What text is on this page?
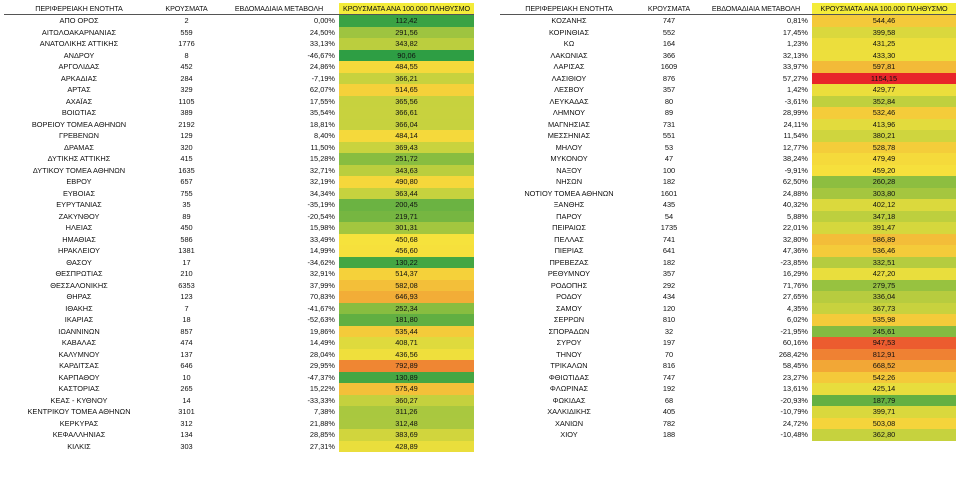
ΠΕΡΙΦΕΡΕΙΑΚΗ ΕΝΟΤΗΤΑ	ΚΡΟΥΣΜΑΤΑ	ΕΒΔΟΜΑΔΙΑΙΑ ΜΕΤΑΒΟΛΗ	ΚΡΟΥΣΜΑΤΑ ΑΝΑ 100.000 ΠΛΗΘΥΣΜΟ
ΑΠΟ ΟΡΟΣ	2	0,00%	112,42
ΑΙΤΩΛΟΑΚΑΡΝΑΝΙΑΣ	559	24,50%	291,56
ΑΝΑΤΟΛΙΚΗΣ ΑΤΤΙΚΗΣ	1776	33,13%	343,82
ΑΝΔΡΟΥ	8	-46,67%	90,06
ΑΡΓΟΛΙΔΑΣ	452	24,86%	484,55
ΑΡΚΑΔΙΑΣ	284	-7,19%	366,21
ΑΡΤΑΣ	329	62,07%	514,65
ΑΧΑΪΑΣ	1105	17,55%	365,56
ΒΟΙΩΤΙΑΣ	389	35,54%	366,61
ΒΟΡΕΙΟΥ ΤΟΜΕΑ ΑΘΗΝΩΝ	2192	18,81%	366,04
ΓΡΕΒΕΝΩΝ	129	8,40%	484,14
ΔΡΑΜΑΣ	320	11,50%	369,43
ΔΥΤΙΚΗΣ ΑΤΤΙΚΗΣ	415	15,28%	251,72
ΔΥΤΙΚΟΥ ΤΟΜΕΑ ΑΘΗΝΩΝ	1635	32,71%	343,63
ΕΒΡΟΥ	657	32,19%	490,80
ΕΥΒΟΙΑΣ	755	34,34%	363,44
ΕΥΡΥΤΑΝΙΑΣ	35	-35,19%	200,45
ΖΑΚΥΝΘΟΥ	89	-20,54%	219,71
ΗΛΕΙΑΣ	450	15,98%	301,31
ΗΜΑΘΙΑΣ	586	33,49%	450,68
ΗΡΑΚΛΕΙΟΥ	1381	14,99%	456,60
ΘΑΣΟΥ	17	-34,62%	130,22
ΘΕΣΠΡΩΤΙΑΣ	210	32,91%	514,37
ΘΕΣΣΑΛΟΝΙΚΗΣ	6353	37,99%	582,08
ΘΗΡΑΣ	123	70,83%	646,93
ΙΘΑΚΗΣ	7	-41,67%	252,34
ΙΚΑΡΙΑΣ	18	-52,63%	181,80
ΙΩΑΝΝΙΝΩΝ	857	19,86%	535,44
ΚΑΒΑΛΑΣ	474	14,49%	408,71
ΚΑΛΥΜΝΟΥ	137	28,04%	436,56
ΚΑΡΔΙΤΣΑΣ	646	29,95%	792,89
ΚΑΡΠΑΘΟΥ	10	-47,37%	130,89
ΚΑΣΤΟΡΙΑΣ	265	15,22%	575,49
ΚΕΑΣ - ΚΥΘΝΟΥ	14	-33,33%	360,27
ΚΕΝΤΡΙΚΟΥ ΤΟΜΕΑ ΑΘΗΝΩΝ	3101	7,38%	311,26
ΚΕΡΚΥΡΑΣ	312	21,88%	312,48
ΚΕΦΑΛΛΗΝΙΑΣ	134	28,85%	383,69
ΚΙΛΚΙΣ	303	27,31%	428,89
ΠΕΡΙΦΕΡΕΙΑΚΗ ΕΝΟΤΗΤΑ	ΚΡΟΥΣΜΑΤΑ	ΕΒΔΟΜΑΔΙΑΙΑ ΜΕΤΑΒΟΛΗ	ΚΡΟΥΣΜΑΤΑ ΑΝΑ 100.000 ΠΛΗΘΥΣΜΟ
ΚΟΖΑΝΗΣ	747	0,81%	544,46
ΚΟΡΙΝΘΙΑΣ	552	17,45%	399,58
ΚΩ	164	1,23%	431,25
ΛΑΚΩΝΙΑΣ	366	32,13%	433,30
ΛΑΡΙΣΑΣ	1609	33,97%	597,81
ΛΑΣΙΘΙΟΥ	876	57,27%	1154,15
ΛΕΣΒΟΥ	357	1,42%	429,77
ΛΕΥΚΑΔΑΣ	80	-3,61%	352,84
ΛΗΜΝΟΥ	89	28,99%	532,46
ΜΑΓΝΗΣΙΑΣ	731	24,11%	413,96
ΜΕΣΣΗΝΙΑΣ	551	11,54%	380,21
ΜΗΛΟΥ	53	12,77%	528,78
ΜΥΚΟΝΟΥ	47	38,24%	479,49
ΝΑΞΟΥ	100	-9,91%	459,20
ΝΗΣΩΝ	182	62,50%	260,28
ΝΟΤΙΟΥ ΤΟΜΕΑ ΑΘΗΝΩΝ	1601	24,88%	303,80
ΞΑΝΘΗΣ	435	40,32%	402,12
ΠΑΡΟΥ	54	5,88%	347,18
ΠΕΙΡΑΙΩΣ	1735	22,01%	391,47
ΠΕΛΛΑΣ	741	32,80%	586,89
ΠΙΕΡΙΑΣ	641	47,36%	536,46
ΠΡΕΒΕΖΑΣ	182	-23,85%	332,51
ΡΕΘΥΜΝΟΥ	357	16,29%	427,20
ΡΟΔΟΠΗΣ	292	71,76%	279,75
ΡΟΔΟΥ	434	27,65%	336,04
ΣΑΜΟΥ	120	4,35%	367,73
ΣΕΡΡΩΝ	810	6,02%	535,98
ΣΠΟΡΑΔΩΝ	32	-21,95%	245,61
ΣΥΡΟΥ	197	60,16%	947,53
ΤΗΝΟΥ	70	268,42%	812,91
ΤΡΙΚΑΛΩΝ	816	58,45%	668,52
ΦΘΙΩΤΙΔΑΣ	747	23,27%	542,26
ΦΛΩΡΙΝΑΣ	192	13,61%	425,14
ΦΩΚΙΔΑΣ	68	-20,93%	187,79
ΧΑΛΚΙΔΙΚΗΣ	405	-10,79%	399,71
ΧΑΝΙΩΝ	782	24,72%	503,08
ΧΙΟΥ	188	-10,48%	362,80
